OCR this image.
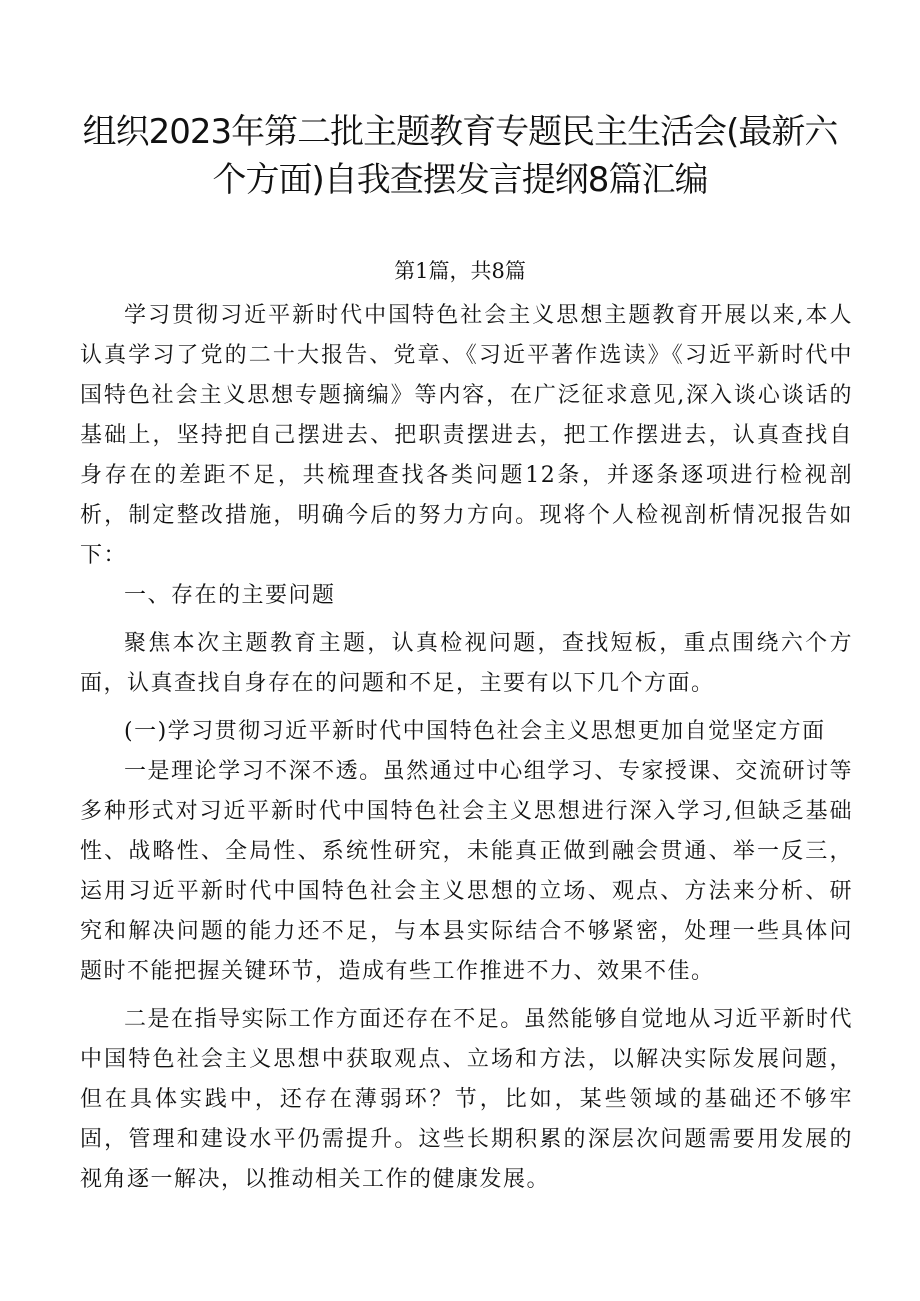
组织2023年第二批主题教育专题民主生活会(最新六
个方面)自我查摆发言提纲8篇汇编
第1篇，共8篇

学习贯彻习近平新时代中国特色社会主义思想主题教育开展以来,本人认真学习了党的二十大报告、党章、《习近平著作选读》《习近平新时代中国特色社会主义思想专题摘编》等内容，在广泛征求意见,深入谈心谈话的基础上，坚持把自己摆进去、把职责摆进去，把工作摆进去，认真查找自身存在的差距不足，共梳理查找各类问题12条，并逐条逐项进行检视剖析，制定整改措施，明确今后的努力方向。现将个人检视剖析情况报告如下：

一、存在的主要问题

聚焦本次主题教育主题，认真检视问题，查找短板，重点围绕六个方面，认真查找自身存在的问题和不足，主要有以下几个方面。

(一)学习贯彻习近平新时代中国特色社会主义思想更加自觉坚定方面

一是理论学习不深不透。虽然通过中心组学习、专家授课、交流研讨等多种形式对习近平新时代中国特色社会主义思想进行深入学习,但缺乏基础性、战略性、全局性、系统性研究，未能真正做到融会贯通、举一反三，运用习近平新时代中国特色社会主义思想的立场、观点、方法来分析、研究和解决问题的能力还不足，与本县实际结合不够紧密，处理一些具体问题时不能把握关键环节，造成有些工作推进不力、效果不佳。

二是在指导实际工作方面还存在不足。虽然能够自觉地从习近平新时代中国特色社会主义思想中获取观点、立场和方法，以解决实际发展问题，但在具体实践中，还存在薄弱环？节，比如，某些领域的基础还不够牢固，管理和建设水平仍需提升。这些长期积累的深层次问题需要用发展的视角逐一解决，以推动相关工作的健康发展。
